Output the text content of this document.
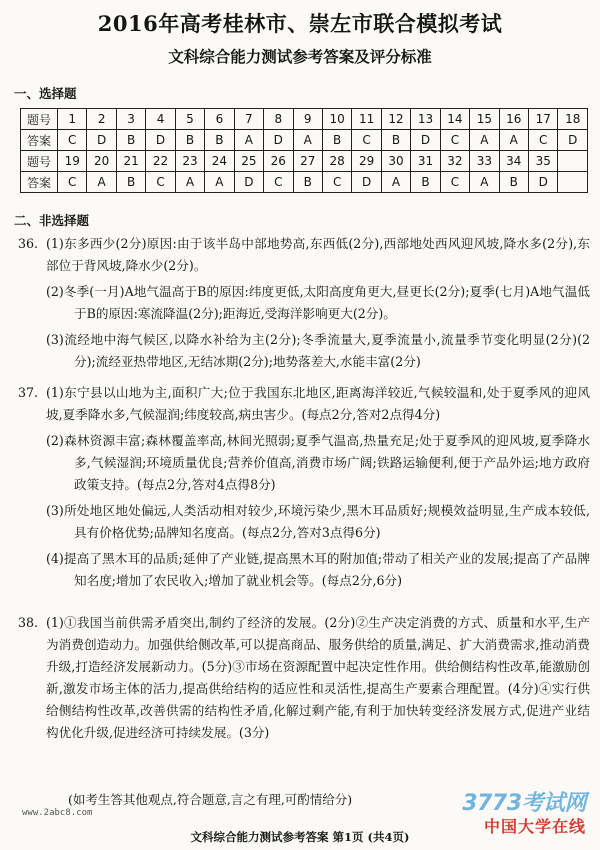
2016年高考桂林市、崇左市联合模拟考试
文科综合能力测试参考答案及评分标准
一、选择题
题号	1	2	3	4	5	6	7	8	9	10	11	12	13	14	15	16	17	18
答案	C	D	B	D	B	B	A	D	A	B	C	B	D	C	A	A	C	D
题号	19	20	21	22	23	24	25	26	27	28	29	30	31	32	33	34	35	
答案	C	A	B	C	A	A	D	C	B	C	D	A	B	C	A	B	D	
二、非选择题
36. (1)东多西少(2分)原因:由于该半岛中部地势高,东西低(2分),西部地处西风迎风坡,降水多(2分),东部位于背风坡,降水少(2分)。

(2)冬季(一月)A地气温高于B的原因:纬度更低,太阳高度角更大,昼更长(2分);夏季(七月)A地气温低于B的原因:寒流降温(2分);距海近,受海洋影响更大(2分)。

(3)流经地中海气候区,以降水补给为主(2分);冬季流量大,夏季流量小,流量季节变化明显(2分)(2分);流经亚热带地区,无结冰期(2分);地势落差大,水能丰富(2分)

37. (1)东宁县以山地为主,面积广大;位于我国东北地区,距离海洋较近,气候较温和,处于夏季风的迎风坡,夏季降水多,气候湿润;纬度较高,病虫害少。(每点2分,答对2点得4分)

(2)森林资源丰富;森林覆盖率高,林间光照弱;夏季气温高,热量充足;处于夏季风的迎风坡,夏季降水多,气候湿润;环境质量优良;营养价值高,消费市场广阔;铁路运输便利,便于产品外运;地方政府政策支持。(每点2分,答对4点得8分)

(3)所处地区地处偏远,人类活动相对较少,环境污染少,黑木耳品质好;规模效益明显,生产成本较低,具有价格优势;品牌知名度高。(每点2分,答对3点得6分)

(4)提高了黑木耳的品质;延伸了产业链,提高黑木耳的附加值;带动了相关产业的发展;提高了产品牌知名度;增加了农民收入;增加了就业机会等。(每点2分,6分)

38. (1)①我国当前供需矛盾突出,制约了经济的发展。(2分)②生产决定消费的方式、质量和水平,生产为消费创造动力。加强供给侧改革,可以提高商品、服务供给的质量,满足、扩大消费需求,推动消费升级,打造经济发展新动力。(5分)③市场在资源配置中起决定性作用。供给侧结构性改革,能激励创新,激发市场主体的活力,提高供给结构的适应性和灵活性,提高生产要素合理配置。(4分)④实行供给侧结构性改革,改善供需的结构性矛盾,化解过剩产能,有利于加快转变经济发展方式,促进产业结构优化升级,促进经济可持续发展。(3分)

(如考生答其他观点,符合题意,言之有理,可酌情给分)
www.2abc8.com	3773考试网
中国大学在线
文科综合能力测试参考答案 第1页 (共4页)
